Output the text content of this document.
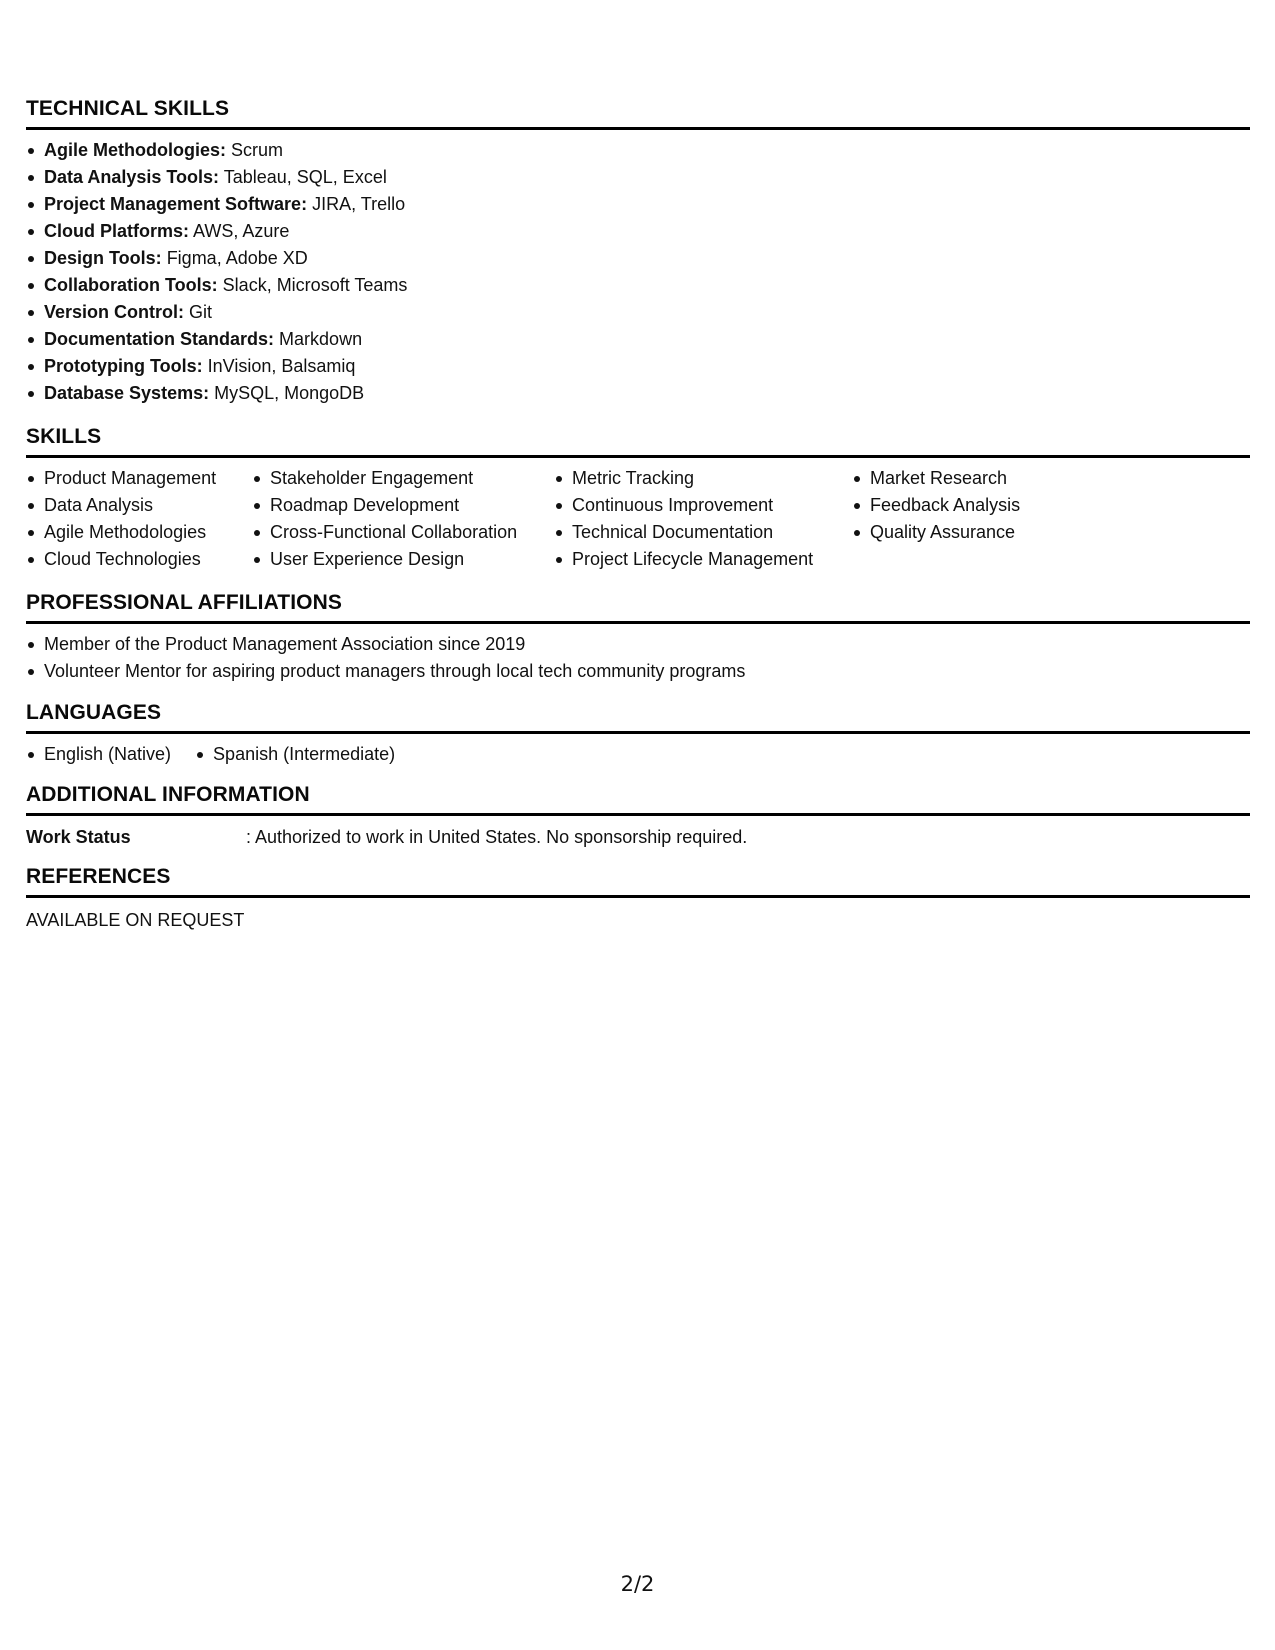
TECHNICAL SKILLS
Agile Methodologies: Scrum
Data Analysis Tools: Tableau, SQL, Excel
Project Management Software: JIRA, Trello
Cloud Platforms: AWS, Azure
Design Tools: Figma, Adobe XD
Collaboration Tools: Slack, Microsoft Teams
Version Control: Git
Documentation Standards: Markdown
Prototyping Tools: InVision, Balsamiq
Database Systems: MySQL, MongoDB
SKILLS
Product Management
Data Analysis
Agile Methodologies
Cloud Technologies
Stakeholder Engagement
Roadmap Development
Cross-Functional Collaboration
User Experience Design
Metric Tracking
Continuous Improvement
Technical Documentation
Project Lifecycle Management
Market Research
Feedback Analysis
Quality Assurance
PROFESSIONAL AFFILIATIONS
Member of the Product Management Association since 2019
Volunteer Mentor for aspiring product managers through local tech community programs
LANGUAGES
English (Native)	Spanish (Intermediate)
ADDITIONAL INFORMATION
Work Status	: Authorized to work in United States. No sponsorship required.
REFERENCES
AVAILABLE ON REQUEST
2/2
